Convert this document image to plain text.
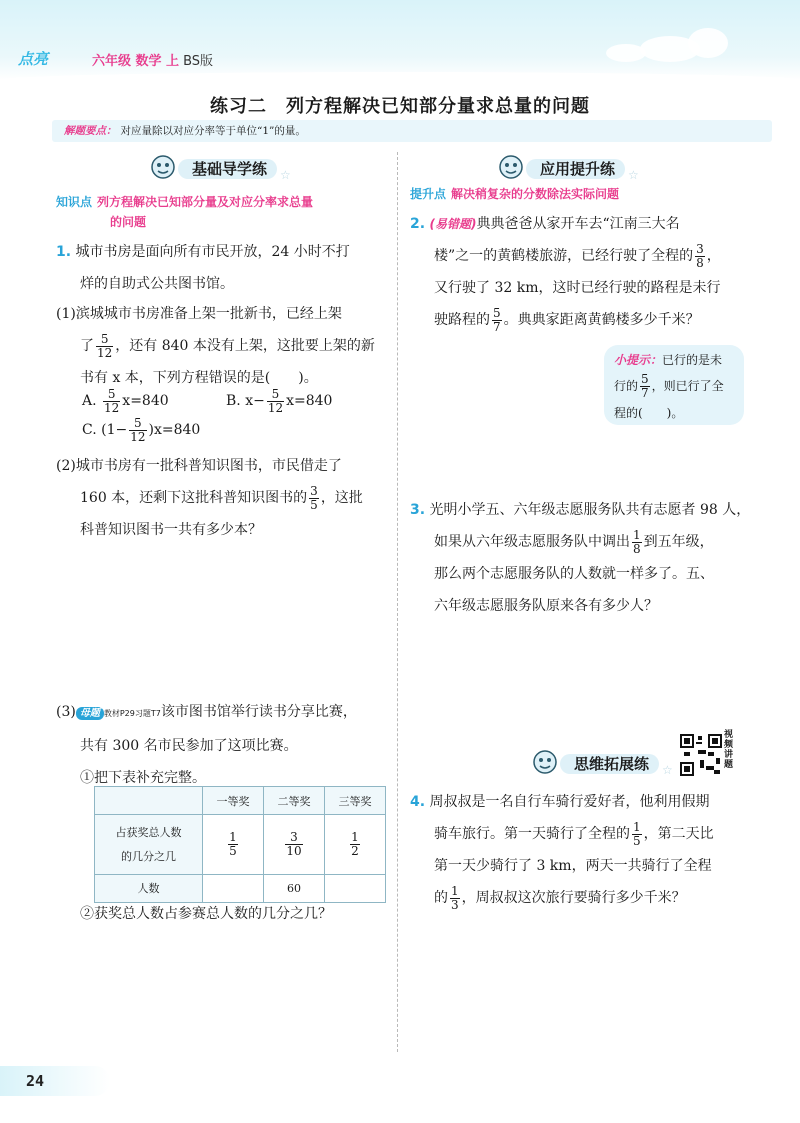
点亮	六年级 数学 上 BS版
练习二　列方程解决已知部分量求总量的问题
解题要点： 对应量除以对应分率等于单位“1”的量。
基础导学练	☆
知识点 列方程解决已知部分量及对应分率求总量
的问题
1. 城市书房是面向所有市民开放，24 小时不打
烊的自助式公共图书馆。
(1)滨城城市书房准备上架一批新书，已经上架
了 $\frac{5}{12}$ ，还有 840 本没有上架，这批要上架的新
书有 x 本，下列方程错误的是(　　)。
A. $\frac{5}{12} x=840$	B. $x- \frac{5}{12} x=840$
C. $(1- \frac{5}{12} )x=840$
(2)城市书房有一批科普知识图书，市民借走了
160 本，还剩下这批科普知识图书的 $\frac{3}{5}$ ，这批
科普知识图书一共有多少本？
(3) 母题 教材P29习题T7该市图书馆举行读书分享比赛，
共有 300 名市民参加了这项比赛。
①把下表补充完整。
	一等奖	二等奖	三等奖
占获奖总人数
的几分之几	$\frac{1}{5}$	$\frac{3}{10}$	$\frac{1}{2}$

人数		60	
②获奖总人数占参赛总人数的几分之几？
应用提升练	☆
提升点 解决稍复杂的分数除法实际问题
2. (易错题)典典爸爸从家开车去“江南三大名
楼”之一的黄鹤楼旅游，已经行驶了全程的 $\frac{3}{8}$ ，
又行驶了 32 km，这时已经行驶的路程是未行
驶路程的 $\frac{5}{7}$ 。典典家距离黄鹤楼多少千米？
小提示：已行的是未
行的 $\frac{5}{7}$ ，则已行了全
程的(　　)。
3. 光明小学五、六年级志愿服务队共有志愿者 98 人，
如果从六年级志愿服务队中调出 $\frac{1}{8}$ 到五年级，
那么两个志愿服务队的人数就一样多了。五、
六年级志愿服务队原来各有多少人？
思维拓展练	☆
视频讲题
4. 周叔叔是一名自行车骑行爱好者，他利用假期
骑车旅行。第一天骑行了全程的 $\frac{1}{5}$ ，第二天比
第一天少骑行了 3 km，两天一共骑行了全程
的 $\frac{1}{3}$ ，周叔叔这次旅行要骑行多少千米？
24
